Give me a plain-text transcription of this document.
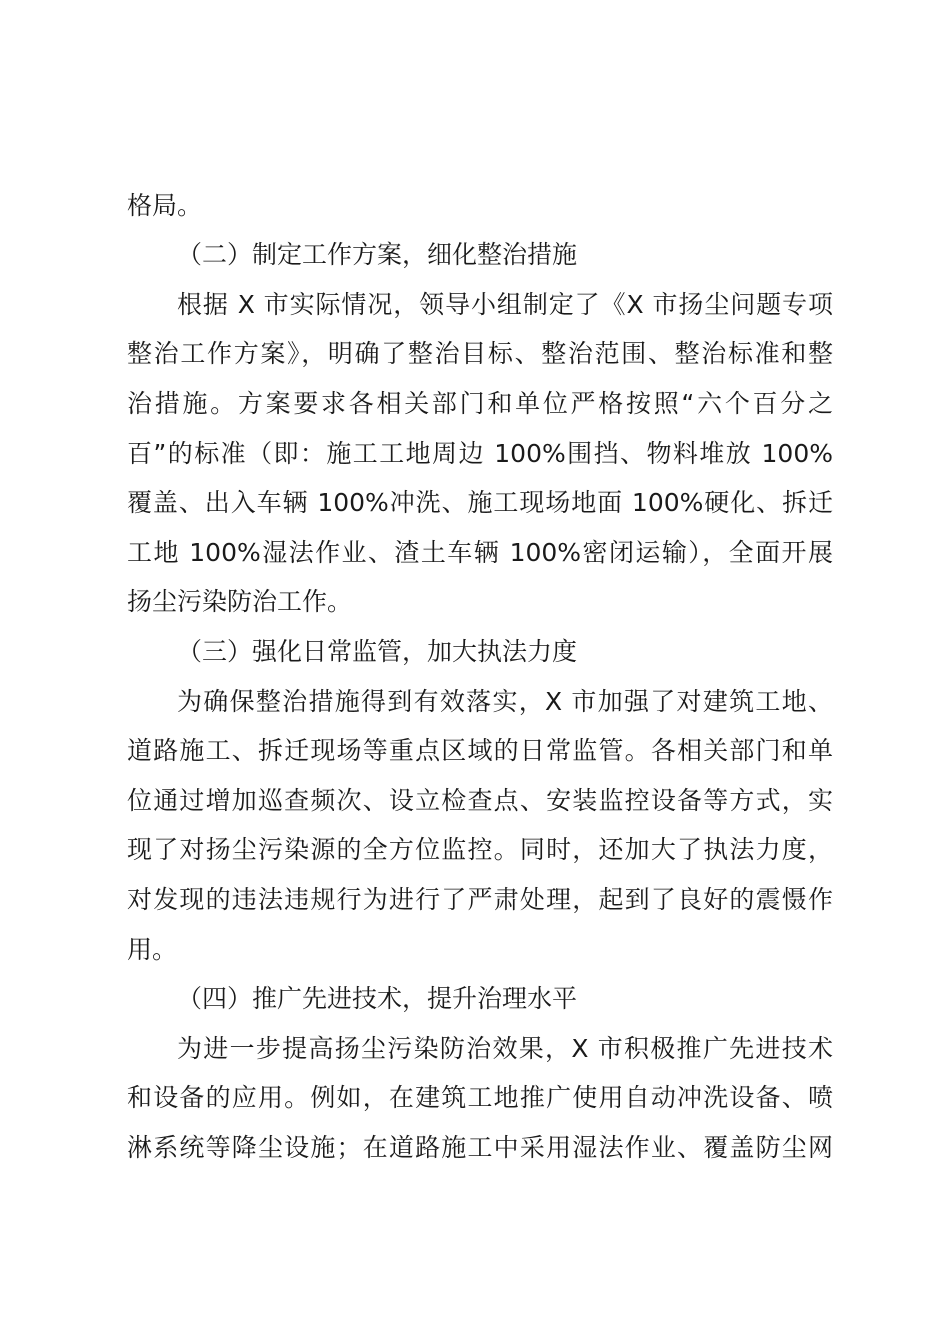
格局。
（二）制定工作方案，细化整治措施
根据 X 市实际情况，领导小组制定了《X 市扬尘问题专项
整治工作方案》，明确了整治目标、整治范围、整治标准和整
治措施。方案要求各相关部门和单位严格按照“六个百分之
百”的标准（即：施工工地周边 100%围挡、物料堆放 100%
覆盖、出入车辆 100%冲洗、施工现场地面 100%硬化、拆迁
工地 100%湿法作业、渣土车辆 100%密闭运输），全面开展
扬尘污染防治工作。
（三）强化日常监管，加大执法力度
为确保整治措施得到有效落实，X 市加强了对建筑工地、
道路施工、拆迁现场等重点区域的日常监管。各相关部门和单
位通过增加巡查频次、设立检查点、安装监控设备等方式，实
现了对扬尘污染源的全方位监控。同时，还加大了执法力度，
对发现的违法违规行为进行了严肃处理，起到了良好的震慑作
用。
（四）推广先进技术，提升治理水平
为进一步提高扬尘污染防治效果，X 市积极推广先进技术
和设备的应用。例如，在建筑工地推广使用自动冲洗设备、喷
淋系统等降尘设施；在道路施工中采用湿法作业、覆盖防尘网
